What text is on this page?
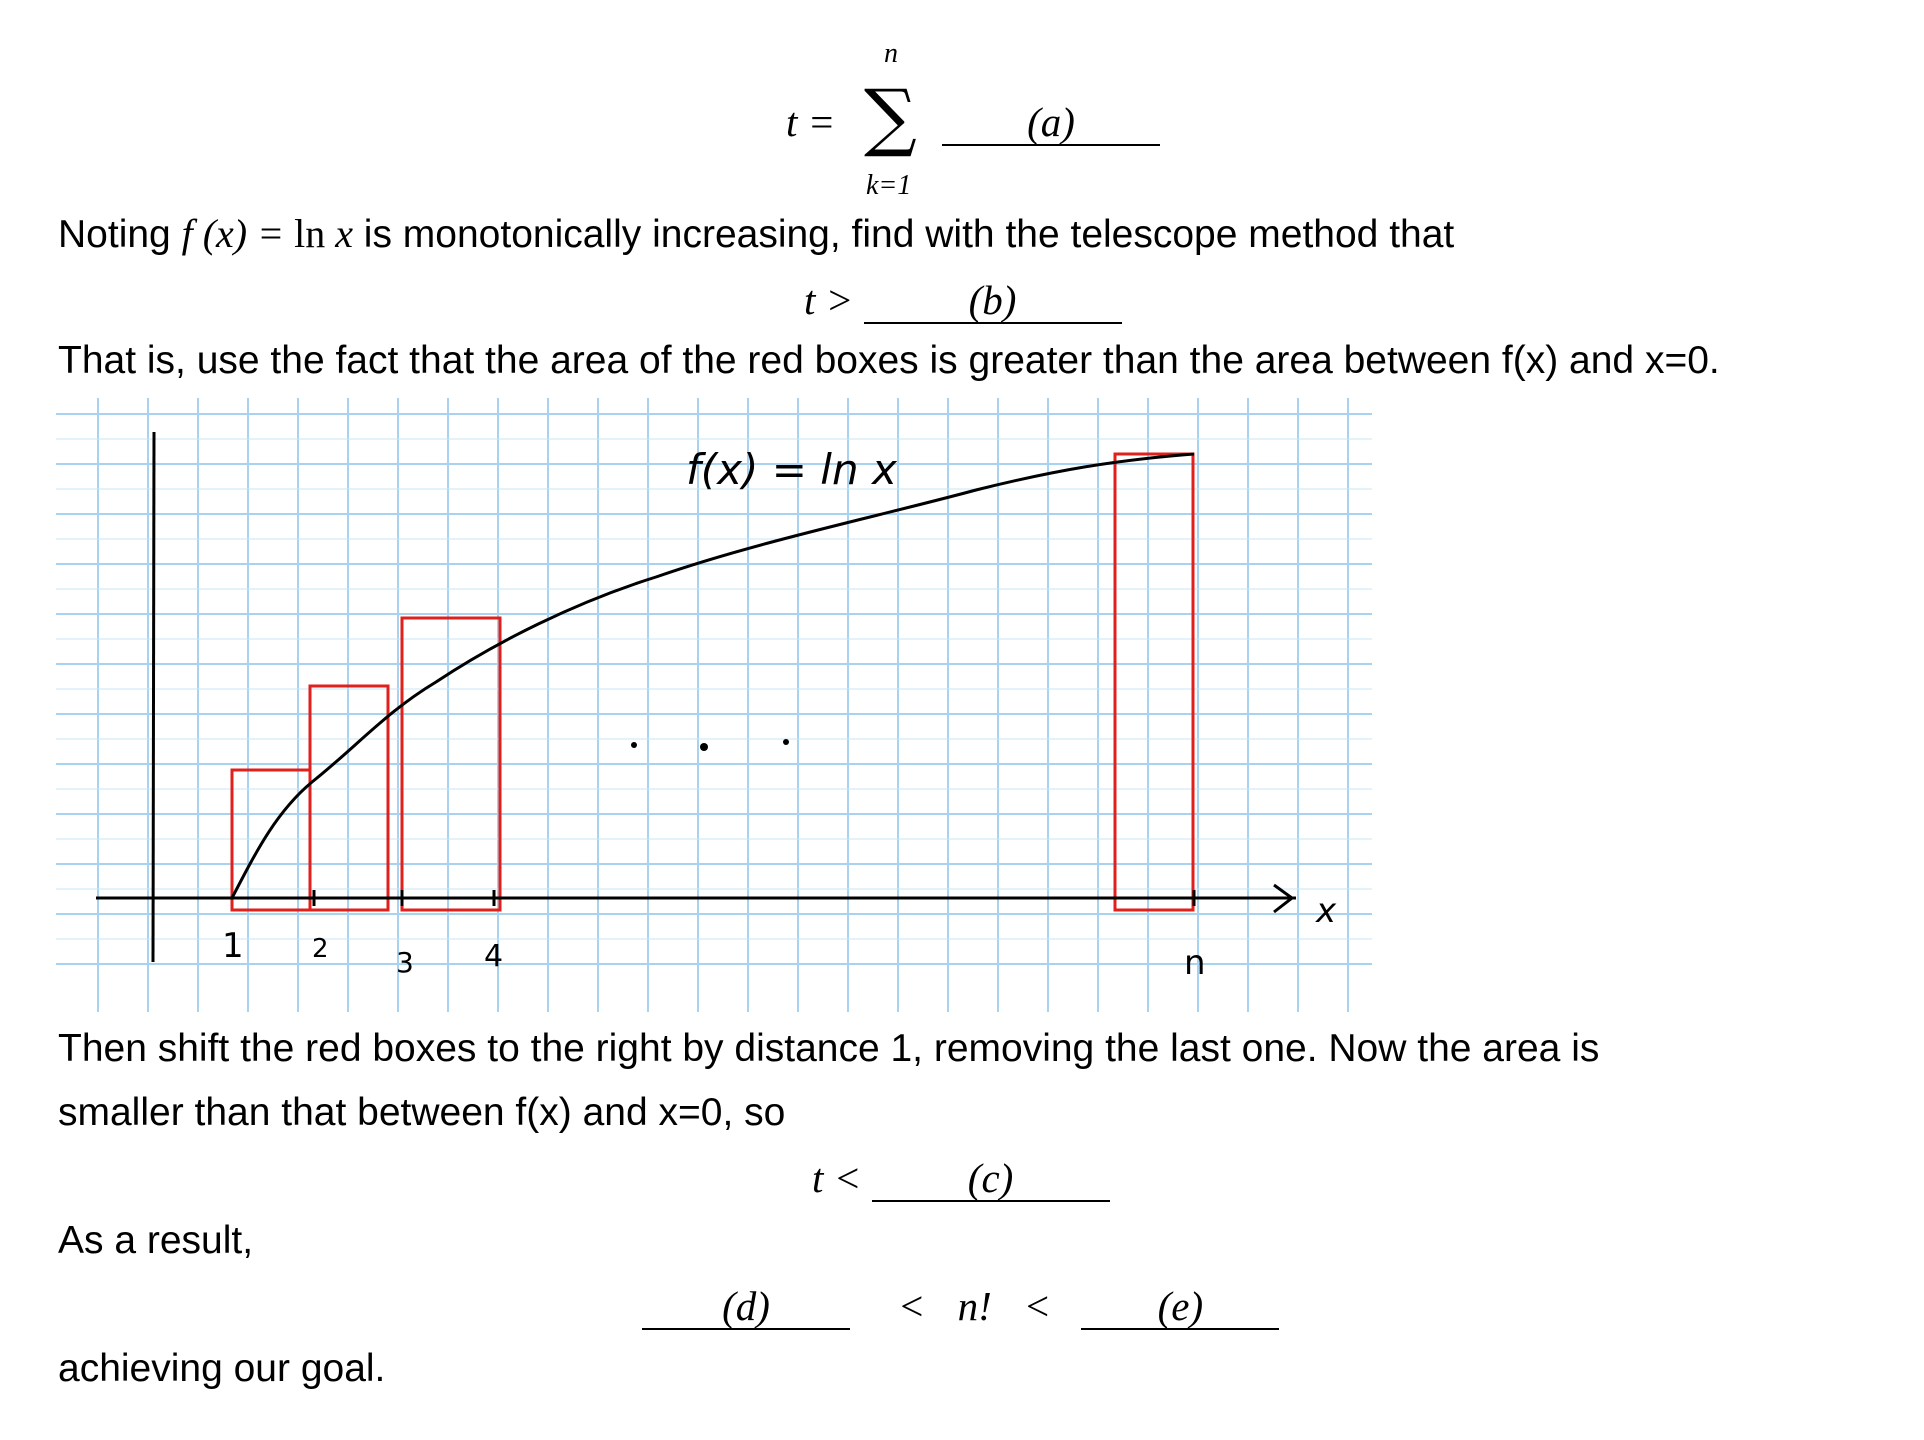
t =
n
∑
k=1
(a)
Noting f (x) = ln x is monotonically increasing, find with the telescope method that
t >	(b)
That is, use the fact that the area of the red boxes is greater than the area between f(x) and x=0.
f(x) = ln x
x
1	2 3 4	n
Then shift the red boxes to the right by distance 1, removing the last one. Now the area is
smaller than that between f(x) and x=0, so
t <	(c)
As a result,
(d)	< n! <	(e)
achieving our goal.
